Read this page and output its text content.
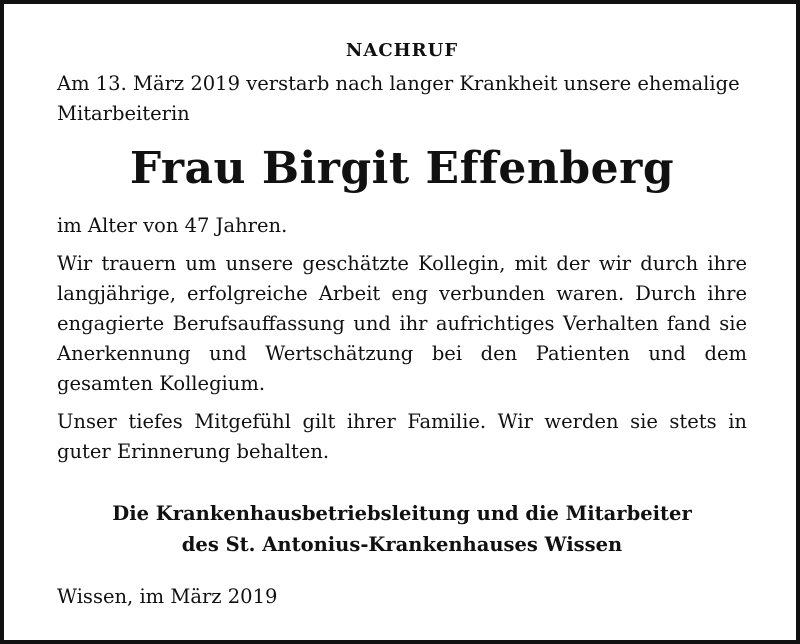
NACHRUF
Am 13. März 2019 verstarb nach langer Krankheit unsere ehemalige
Mitarbeiterin
Frau Birgit Effenberg
im Alter von 47 Jahren.
Wir trauern um unsere geschätzte Kollegin, mit der wir durch ihre langjährige, erfolgreiche Arbeit eng verbunden waren. Durch ihre engagierte Berufsauffassung und ihr aufrichtiges Verhalten fand sie Anerkennung und Wertschätzung bei den Patienten und dem gesamten Kollegium.
Unser tiefes Mitgefühl gilt ihrer Familie. Wir werden sie stets in guter Erinnerung behalten.
Die Krankenhausbetriebsleitung und die Mitarbeiter
des St. Antonius-Krankenhauses Wissen
Wissen, im März 2019
